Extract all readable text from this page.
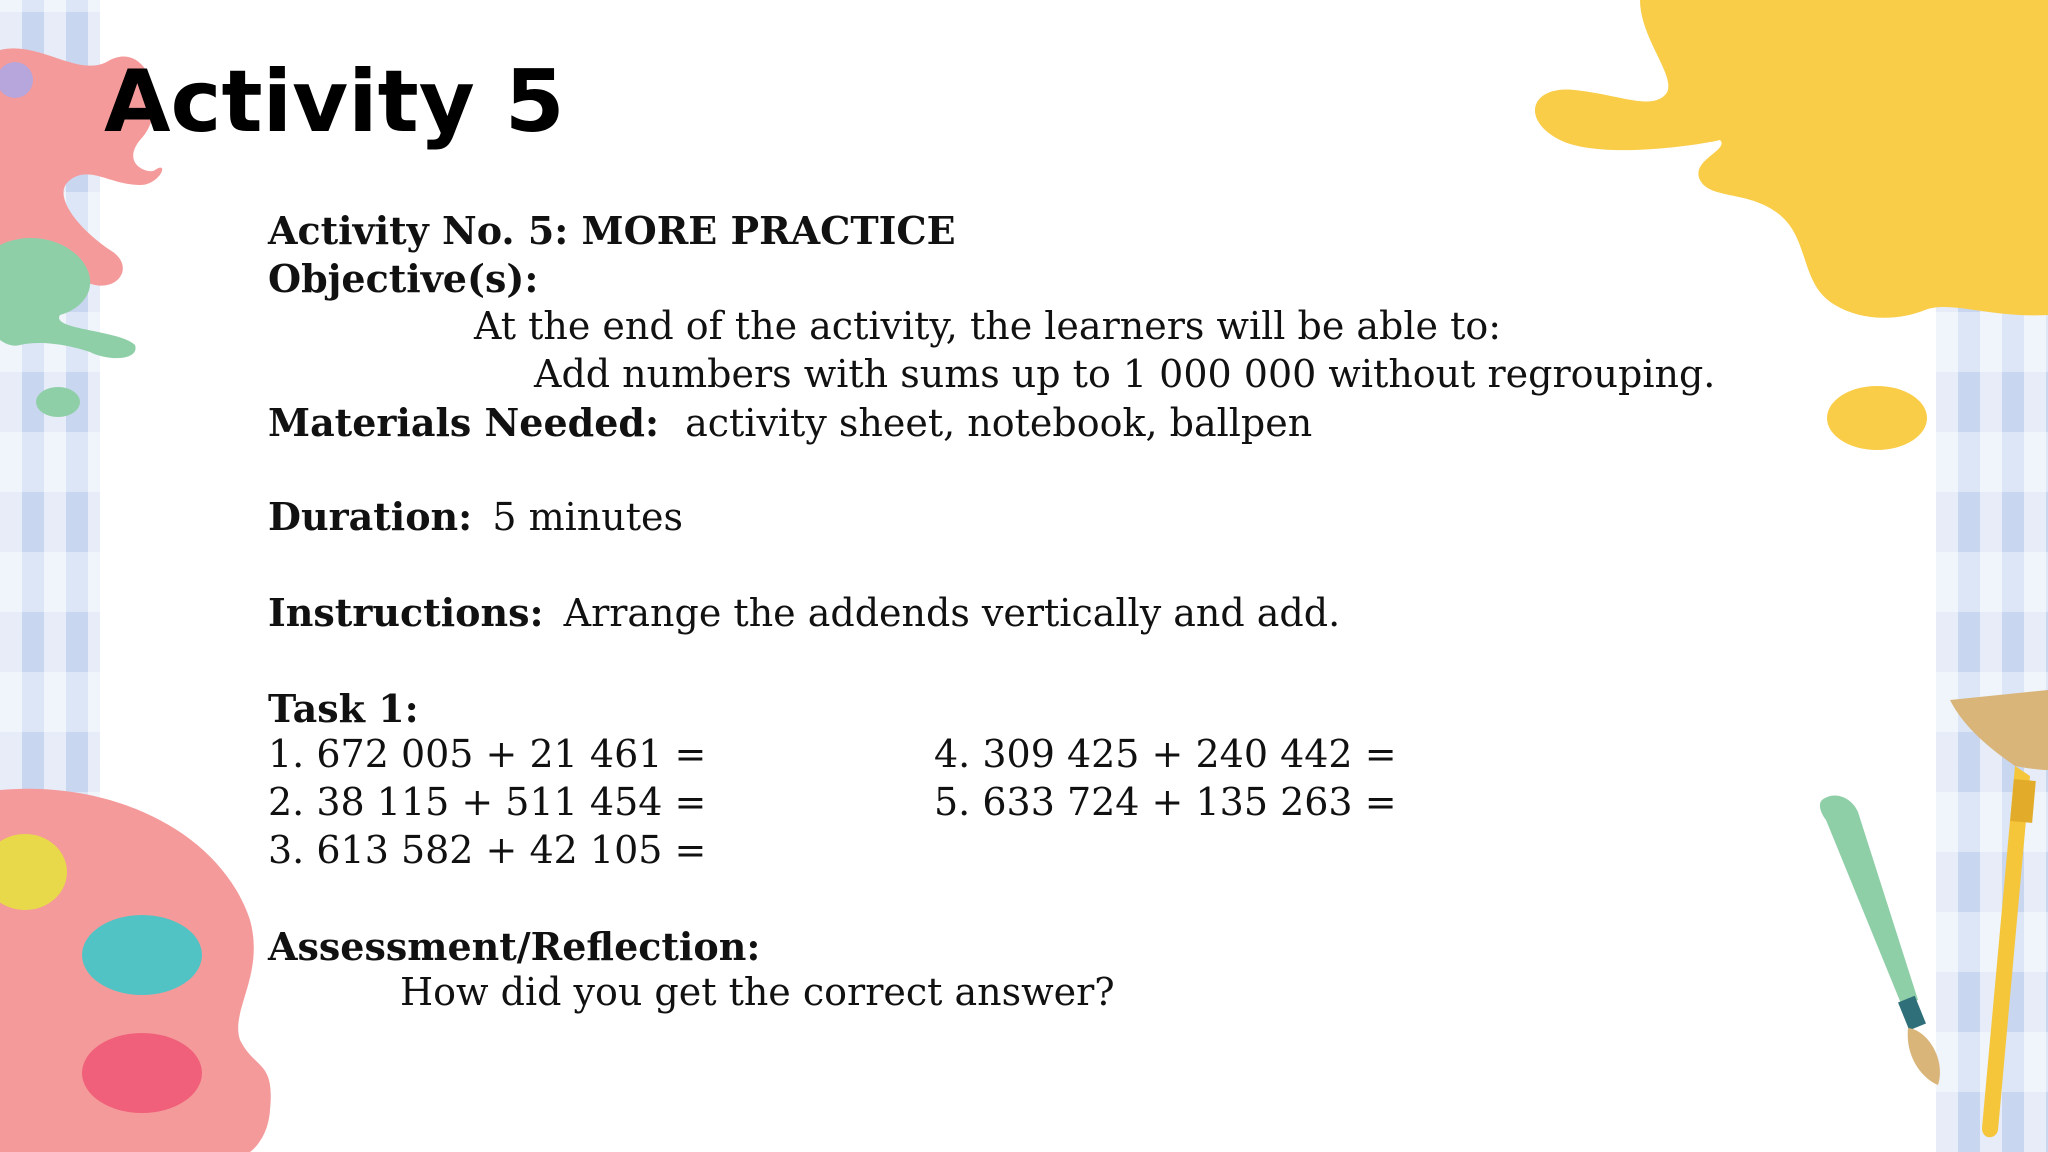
Activity 5
Activity No. 5: MORE PRACTICE
Objective(s):
At the end of the activity, the learners will be able to:
Add numbers with sums up to 1 000 000 without regrouping.
Materials Needed: activity sheet, notebook, ballpen
Duration: 5 minutes
Instructions: Arrange the addends vertically and add.
Task 1:
1. 672 005 + 21 461 =
2. 38 115 + 511 454 =
3. 613 582 + 42 105 =
4. 309 425 + 240 442 =
5. 633 724 + 135 263 =
Assessment/Reflection:
How did you get the correct answer?
